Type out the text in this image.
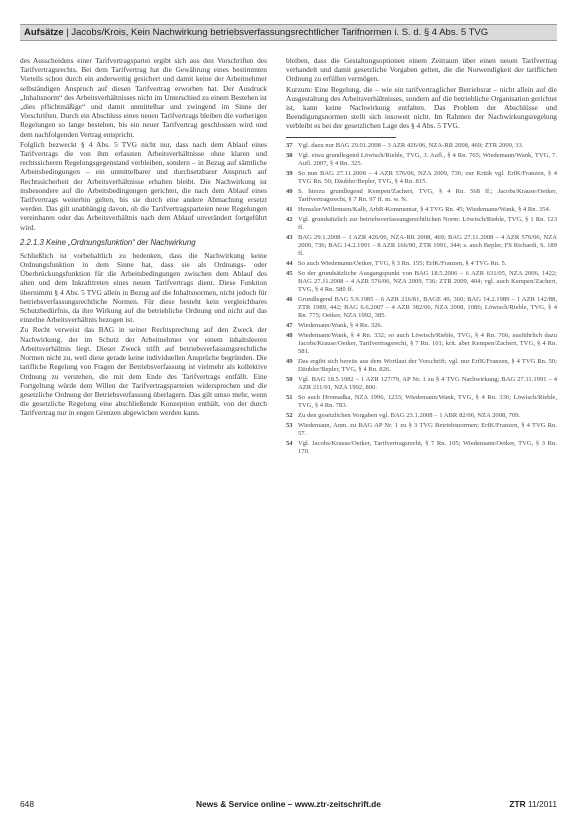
Aufsätze | Jacobs/Krois, Kein Nachwirkung betriebsverfassungsrechtlicher Tarifnormen i. S. d. § 4 Abs. 5 TVG

des Ausscheidens einer Tarifvertragspartei ergibt sich aus den Vorschriften des Tarifvertragsrechts. Bei dem Tarifvertrag hat die Gewährung eines bestimmten Vorteils schon durch ein anderweitig gesichert und damit keine der Arbeitnehmer selbständigen Anspruch auf diesen Tarifvertrag erworben hat. Der Ausdruck „Inhaltsnorm“ des Arbeitsverhältnisses nicht im Unterschied zu einem Bestehen ist „dies pflichtmäßige“ und damit unmittelbar und zwingend im Sinne der Vorschriften. Durch ein Abschluss eines neuen Tarifvertrags bleiben die vorherigen Regelungen so lange bestehen, bis ein neuer Tarifvertrag geschlossen wird und dem nachfolgenden Vertrag entspricht.

Folglich bezweckt § 4 Abs. 5 TVG nicht nur, dass nach dem Ablauf eines Tarifvertrags die von ihm erfassten Arbeitsverhältnisse ohne klaren und rechtssicheren Regelungsgegenstand verbleiben, sondern – in Bezug auf sämtliche Arbeitsbedingungen – ein unmittelbarer und durchsetzbarer Anspruch auf Rechtssicherheit der Arbeitsverhältnisse erhalten bleibt. Die Nachwirkung ist insbesondere auf die Arbeitsbedingungen gerichtet, die nach dem Ablauf eines Tarifvertrags weiterhin gelten, bis sie durch eine andere Abmachung ersetzt werden. Das gilt unabhängig davon, ob die Tarifvertragsparteien neue Regelungen vereinbaren oder das Arbeitsverhältnis nach dem Ablauf unverändert fortgeführt wird.

2.2.1.3 Keine „Ordnungsfunktion“ der Nachwirkung

Schließlich ist vorbehaltlich zu bedenken, dass die Nachwirkung keine Ordnungsfunktion in dem Sinne hat, dass sie als Ordnungs- oder Überbrückungsfunktion für die Arbeitsbedingungen zwischen dem Ablauf des alten und dem Inkrafttreten eines neuen Tarifvertrags dient. Diese Funktion übernimmt § 4 Abs. 5 TVG allein in Bezug auf die Inhaltsnormen, nicht jedoch für betriebsverfassungsrechtliche Normen. Für diese besteht kein vergleichbares Schutzbedürfnis, da ihre Wirkung auf die betriebliche Ordnung und nicht auf das einzelne Arbeitsverhältnis bezogen ist.

Zu Recht verweist das BAG in seiner Rechtsprechung auf den Zweck der Nachwirkung, der im Schutz der Arbeitnehmer vor einem inhaltsleeren Arbeitsverhältnis liegt. Dieser Zweck trifft auf betriebsverfassungsrechtliche Normen nicht zu, weil diese gerade keine individuellen Ansprüche begründen. Die tarifliche Regelung von Fragen der Betriebsverfassung ist vielmehr als kollektive Ordnung zu verstehen, die mit dem Ende des Tarifvertrags entfällt. Eine Fortgeltung würde dem Willen der Tarifvertragsparteien widersprechen und die gesetzliche Ordnung der Betriebsverfassung überlagern. Das gilt umso mehr, wenn die gesetzliche Regelung eine abschließende Konzeption enthält, von der durch Tarifvertrag nur in engen Grenzen abgewichen werden kann.

bleiben, dass die Gestaltungsoptionen einem Zeitraum über einen neuen Tarifvertrag verhandelt und damit gesetzliche Vorgaben gelten, die die Notwendigkeit der tariflichen Ordnung zu erfüllen vermögen.

Kurzum: Eine Regelung, die – wie ein tarifvertraglicher Betriebsrat – nicht allein auf die Ausgestaltung des Arbeitsverhältnisses, sondern auf die betriebliche Organisation gerichtet ist, kann keine Nachwirkung entfalten. Das Problem der Abschlüsse und Beendigungsnormen stellt sich insoweit nicht. Im Rahmen der Nachwirkungsregelung verbleibt es bei der gesetzlichen Lage des § 4 Abs. 5 TVG.

37 Vgl. dazu nur BAG 29.01.2008 – 3 AZR 426/06, NZA-RR 2008, 469; ZTR 2009, 33.
38 Vgl. etwa grundlegend Löwisch/Rieble, TVG, 3. Aufl., § 4 Rn. 765; Wiedemann/Wank, TVG, 7. Aufl. 2007, § 4 Rn. 325.
39 So nun BAG 27.11.2008 – 4 AZR 576/06, NZA 2009, 736; zur Kritik vgl. ErfK/Franzen, § 4 TVG Rn. 50; Däubler/Bepler, TVG, § 4 Rn. 815.
40 S. hierzu grundlegend Kempen/Zachert, TVG, § 4 Rn. 568 ff.; Jacobs/Krause/Oetker, Tarifvertragsrecht, § 7 Rn. 97 ff. m. w. N.
41 Henssler/Willemsen/Kalb, ArbR-Kommentar, § 4 TVG Rn. 45; Wiedemann/Wank, § 4 Rn. 354.
42 Vgl. grundsätzlich zur betriebsverfassungsrechtlichen Norm: Löwisch/Rieble, TVG, § 1 Rn. 123 ff.
43 BAG 29.1.2008 – 3 AZR 426/06, NZA-RR 2008, 469; BAG 27.11.2008 – 4 AZR 576/06, NZA 2009, 736; BAG 14.2.1991 – 8 AZR 166/90, ZTR 1991, 344; s. auch Bepler, FS Richardi, S. 189 ff.
44 So auch Wiedemann/Oetker, TVG, § 3 Rn. 155; ErfK/Franzen, § 4 TVG Rn. 5.
45 So der grundsätzliche Ausgangspunkt von BAG 18.5.2006 – 6 AZR 631/05, NZA 2006, 1422; BAG 27.11.2008 – 4 AZR 576/06, NZA 2009, 736; ZTR 2009, 404; vgl. auch Kempen/Zachert, TVG, § 4 Rn. 580 ff.
46 Grundlegend BAG 5.9.1985 – 6 AZR 216/81, BAGE 49, 360; BAG 14.2.1989 – 1 AZR 142/88, ZTR 1989, 442; BAG 6.6.2007 – 4 AZR 382/06, NZA 2008, 1086; Löwisch/Rieble, TVG, § 4 Rn. 775; Oetker, NZA 1992, 385.
47 Wiedemann/Wank, § 4 Rn. 326.
48 Wiedemann/Wank, § 4 Rn. 332; so auch Löwisch/Rieble, TVG, § 4 Rn. 766; ausführlich dazu Jacobs/Krause/Oetker, Tarifvertragsrecht, § 7 Rn. 101; krit. aber Kempen/Zachert, TVG, § 4 Rn. 581.
49 Das ergibt sich bereits aus dem Wortlaut der Vorschrift; vgl. nur ErfK/Franzen, § 4 TVG Rn. 50; Däubler/Bepler, TVG, § 4 Rn. 826.
50 Vgl. BAG 18.5.1982 – 1 AZR 127/79, AP Nr. 1 zu § 4 TVG Nachwirkung; BAG 27.11.1991 – 4 AZR 211/91, NZA 1992, 800.
51 So auch Hromadka, NZA 1996, 1233; Wiedemann/Wank, TVG, § 4 Rn. 336; Löwisch/Rieble, TVG, § 4 Rn. 783.
52 Zu den gesetzlichen Vorgaben vgl. BAG 23.1.2008 – 1 ABR 82/06, NZA 2008, 709.
53 Wiedemann, Anm. zu BAG AP Nr. 1 zu § 3 TVG Betriebsnormen; ErfK/Franzen, § 4 TVG Rn. 57.
54 Vgl. Jacobs/Krause/Oetker, Tarifvertragsrecht, § 7 Rn. 105; Wiedemann/Oetker, TVG, § 3 Rn. 170.
648	News & Service online – www.ztr-zeitschrift.de	ZTR 11/2011
